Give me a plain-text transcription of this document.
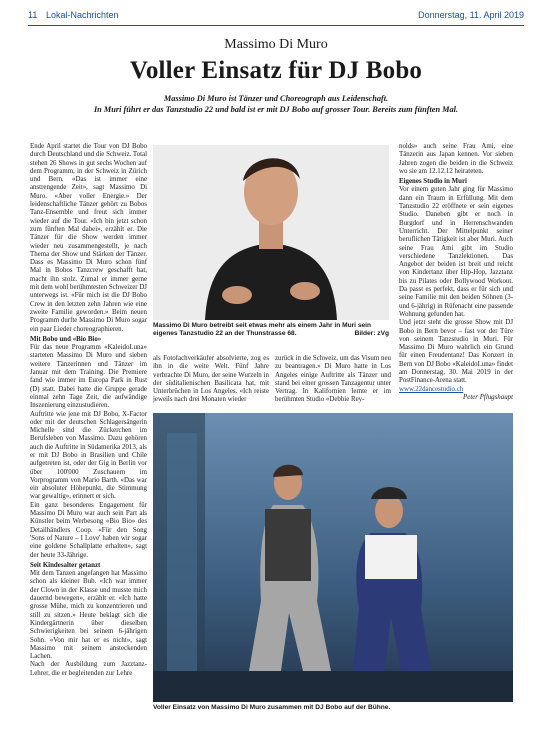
11 Lokal-Nachrichten	Donnerstag, 11. April 2019
Massimo Di Muro
Voller Einsatz für DJ Bobo
Massimo Di Muro ist Tänzer und Choreograph aus Leidenschaft.
In Muri führt er das Tanzstudio 22 und bald ist er mit DJ Bobo auf grosser Tour. Bereits zum fünften Mal.

Ende April startet die Tour von DJ Bobo durch Deutschland und die Schweiz. Total stehen 26 Shows in gut sechs Wochen auf dem Programm, in der Schweiz in Zürich und Bern. «Das ist immer eine anstrengende Zeit», sagt Massimo Di Muro. «Aber voller Energie.» Der leidenschaftliche Tänzer gehört zu Bobos Tanz-Ensemble und freut sich immer wieder auf die Tour. «Ich bin jetzt schon zum fünften Mal dabei», erzählt er. Die Tänzer für die Show werden immer wieder neu zusammengestellt, je nach Thema der Show und Stärken der Tänzer. Dass es Massimo Di Muro schon fünf Mal in Bobos Tanzcrew geschafft hat, macht ihn stolz. Zumal er immer gerne mit dem wohl berühmtesten Schweizer DJ unterwegs ist. «Für mich ist die DJ Bobo Crew in den letzten zehn Jahren wie eine zweite Familie geworden.» Beim neuen Programm durfte Massimo Di Muro sogar ein paar Lieder choreographieren.

Mit Bobo und «Bio Bio»

Für das neue Programm «KaleidoLuna» starteten Massimo Di Muro und sieben weitere Tänzerinnen und Tänzer im Januar mit dem Training. Die Premiere fand wie immer im Europa Park in Rust (D) statt. Dabei hatte die Gruppe gerade einmal zehn Tage Zeit, die aufwändige Inszenierung einzustudieren.

Auftritte wie jene mit DJ Bobo, X-Factor oder mit der deutschen Schlagersängerin Michelle sind die Zückerchen im Berufsleben von Massimo. Dazu gehören auch die Auftritte in Südamerika 2013, als er mit DJ Bobo in Brasilien und Chile aufgetreten ist, oder der Gig in Berlin vor über 100'000 Zuschauern im Vorprogramm von Mario Barth. «Das war ein absoluter Höhepunkt, die Stimmung war gewaltig», erinnert er sich.

Ein ganz besonderes Engagement für Massimo Di Muro war auch sein Part als Künstler beim Werbesong «Bio Bio» des Detailhändlers Coop. «Für den Song 'Sons of Nature – I Love' haben wir sogar eine goldene Schallplatte erhalten», sagt der heute 33-Jährige.

Seit Kindesalter getanzt

Mit dem Tanzen angefangen hat Massimo schon als kleiner Bub. «Ich war immer der Clown in der Klasse und musste mich dauernd bewegen», erzählt er. «Ich hatte grosse Mühe, mich zu konzentrieren und still zu sitzen.» Heute beklagt sich die Kindergärtnerin über dieselben Schwierigkeiten bei seinem 6-jährigen Sohn. «Von mir hat er es nicht», sagt Massimo mit seinem ansteckenden Lachen.

Nach der Ausbildung zum Jazztanz-Lehrer, die er begleitenden zur Lehre

Massimo Di Muro betreibt seit etwas mehr als einem Jahr in Muri sein eigenes Tanzstudio 22 an der Thunstrasse 68.	Bilder: zVg
als Fotofachverkäufer absolvierte, zog es ihn in die weite Welt. Fünf Jahre verbrachte Di Muro, der seine Wurzeln in der süditalienischen Basilicata hat, mit Unterbrüchen in Los Angeles. «Ich reiste jeweils nach drei Monaten wieder
zurück in die Schweiz, um das Visum neu zu beantragen.» Di Muro hatte in Los Angeles einige Auftritte als Tänzer und stand bei einer grossen Tanzagentur unter Vertrag. In Kalifornien lernte er im berühmten Studio «Debbie Rey-

nolds» auch seine Frau Ami, eine Tänzerin aus Japan kennen. Vor sieben Jahren zogen die beiden in die Schweiz wo sie am 12.12.12 heirateten.

Eigenes Studio in Muri

Vor einem guten Jahr ging für Massimo dann ein Traum in Erfüllung. Mit dem Tanzstudio 22 eröffnete er sein eigenes Studio. Daneben gibt er noch in Burgdorf und in Herrenschwanden Unterricht. Der Mittelpunkt seiner beruflichen Tätigkeit ist aber Muri. Auch seine Frau Ami gibt im Studio verschiedene Tanzlektionen. Das Angebot der beiden ist breit und reicht von Kindertanz über Hip-Hop, Jazztanz bis zu Pilates oder Bollywood Workout. Da passt es perfekt, dass er für sich und seine Familie mit den beiden Söhnen (3- und 6-jährig) in Rüfenacht eine passende Wohnung gefunden hat.

Und jetzt steht die grosse Show mit DJ Bobo in Bern bevor – fast vor der Türe von seinem Tanzstudio in Muri. Für Massimo Di Muro wahrlich ein Grund für einen Freudentanz! Das Konzert in Bern von DJ Bobo «KaleidoLuna» findet am Donnerstag, 30. Mai 2019 in der PostFinance-Arena statt.

www.22dancestudio.ch

Peter Pflugshaupt

Voller Einsatz von Massimo Di Muro zusammen mit DJ Bobo auf der Bühne.
